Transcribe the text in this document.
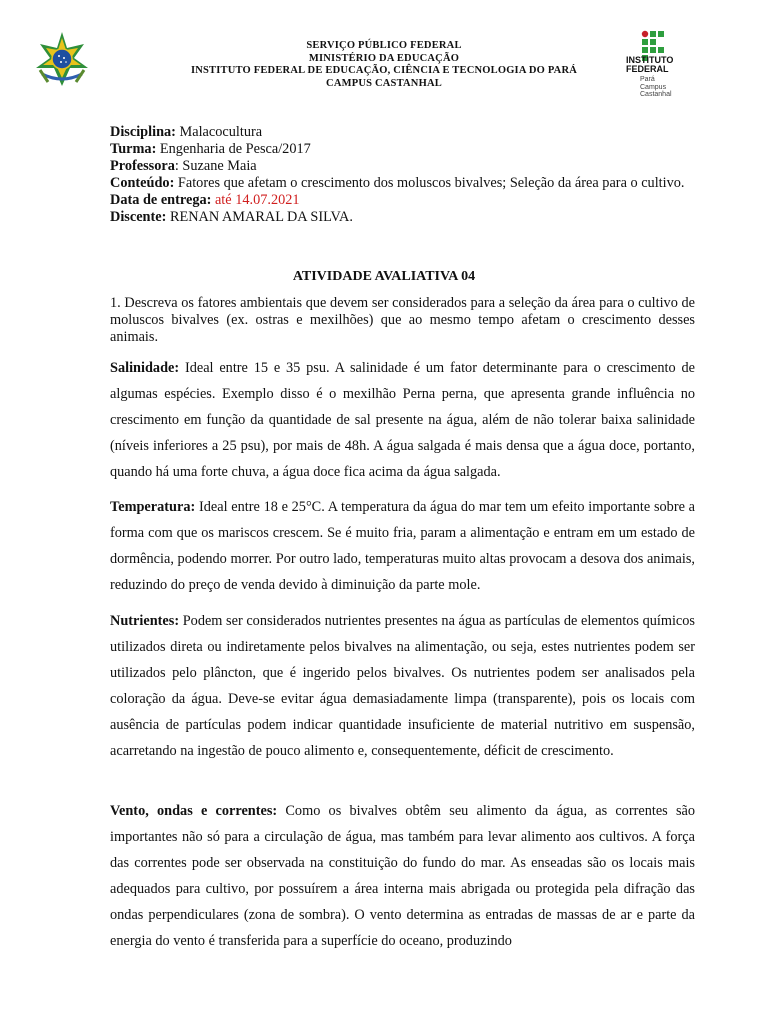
SERVIÇO PÚBLICO FEDERAL
MINISTÉRIO DA EDUCAÇÃO
INSTITUTO FEDERAL DE EDUCAÇÃO, CIÊNCIA E TECNOLOGIA DO PARÁ
CAMPUS CASTANHAL
INSTITUTO
FEDERAL
Pará
Campus
Castanhal
Disciplina: Malacocultura
Turma: Engenharia de Pesca/2017
Professora: Suzane Maia
Conteúdo: Fatores que afetam o crescimento dos moluscos bivalves; Seleção da área para o cultivo.
Data de entrega: até 14.07.2021
Discente: RENAN AMARAL DA SILVA.
ATIVIDADE AVALIATIVA 04
1. Descreva os fatores ambientais que devem ser considerados para a seleção da área para o cultivo de moluscos bivalves (ex. ostras e mexilhões) que ao mesmo tempo afetam o crescimento desses animais.
Salinidade: Ideal entre 15 e 35 psu. A salinidade é um fator determinante para o crescimento de algumas espécies. Exemplo disso é o mexilhão Perna perna, que apresenta grande influência no crescimento em função da quantidade de sal presente na água, além de não tolerar baixa salinidade (níveis inferiores a 25 psu), por mais de 48h. A água salgada é mais densa que a água doce, portanto, quando há uma forte chuva, a água doce fica acima da água salgada.
Temperatura: Ideal entre 18 e 25°C. A temperatura da água do mar tem um efeito importante sobre a forma com que os mariscos crescem. Se é muito fria, param a alimentação e entram em um estado de dormência, podendo morrer. Por outro lado, temperaturas muito altas provocam a desova dos animais, reduzindo do preço de venda devido à diminuição da parte mole.
Nutrientes: Podem ser considerados nutrientes presentes na água as partículas de elementos químicos utilizados direta ou indiretamente pelos bivalves na alimentação, ou seja, estes nutrientes podem ser utilizados pelo plâncton, que é ingerido pelos bivalves. Os nutrientes podem ser analisados pela coloração da água. Deve-se evitar água demasiadamente limpa (transparente), pois os locais com ausência de partículas podem indicar quantidade insuficiente de material nutritivo em suspensão, acarretando na ingestão de pouco alimento e, consequentemente, déficit de crescimento.
Vento, ondas e correntes: Como os bivalves obtêm seu alimento da água, as correntes são importantes não só para a circulação de água, mas também para levar alimento aos cultivos. A força das correntes pode ser observada na constituição do fundo do mar. As enseadas são os locais mais adequados para cultivo, por possuírem a área interna mais abrigada ou protegida pela difração das ondas perpendiculares (zona de sombra). O vento determina as entradas de massas de ar e parte da energia do vento é transferida para a superfície do oceano, produzindo
